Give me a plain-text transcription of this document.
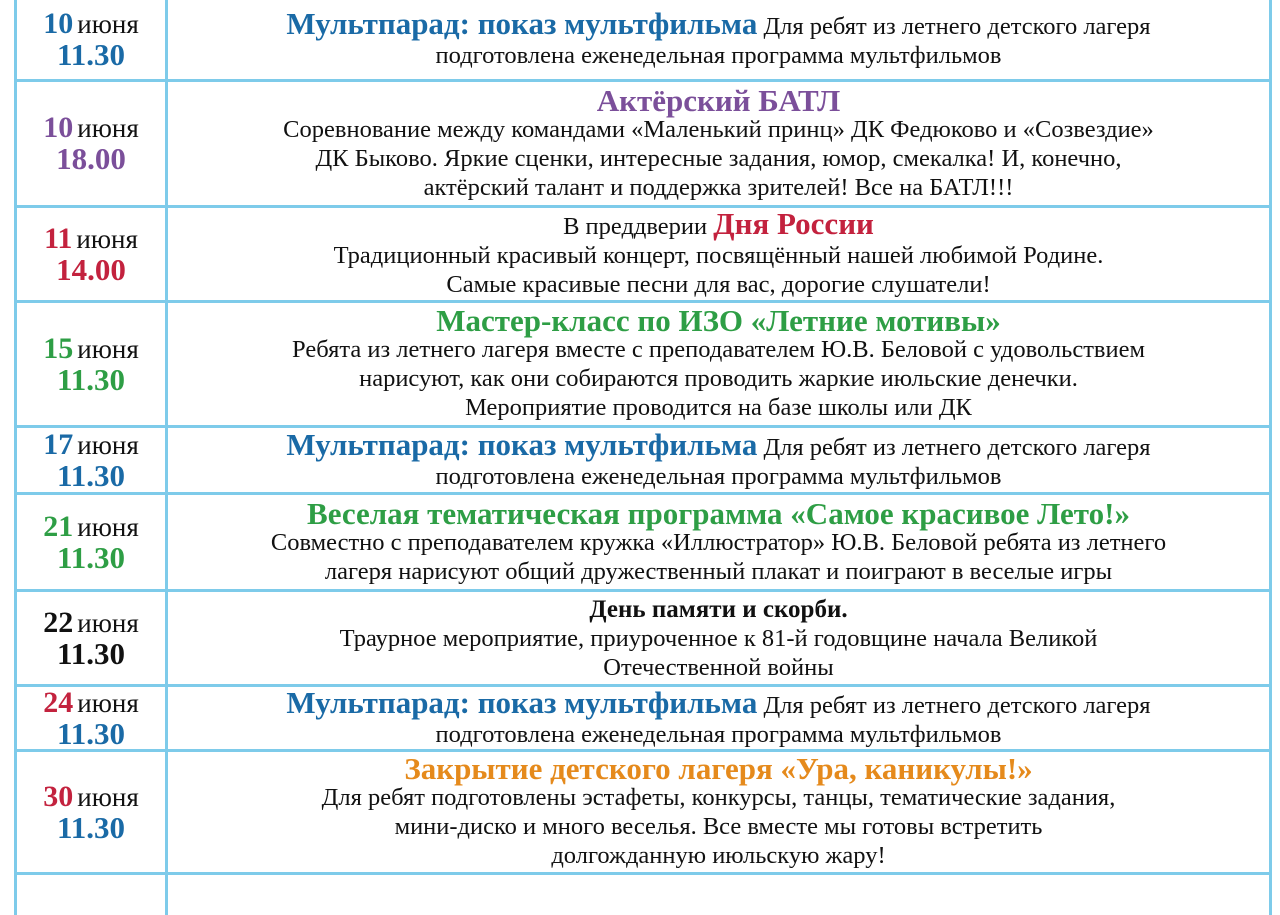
10 июня
11.30
Мультпарад: показ мультфильма Для ребят из летнего детского лагеря
подготовлена еженедельная программа мультфильмов
10 июня
18.00
Актёрский БАТЛ
Соревнование между командами «Маленький принц» ДК Федюково и «Созвездие»
ДК Быково. Яркие сценки, интересные задания, юмор, смекалка! И, конечно,
актёрский талант и поддержка зрителей! Все на БАТЛ!!!
11 июня
14.00
В преддверии Дня России
Традиционный красивый концерт, посвящённый нашей любимой Родине.
Самые красивые песни для вас, дорогие слушатели!
15 июня
11.30
Мастер-класс по ИЗО «Летние мотивы»
Ребята из летнего лагеря вместе с преподавателем Ю.В. Беловой с удовольствием
нарисуют, как они собираются проводить жаркие июльские денечки.
Мероприятие проводится на базе школы или ДК
17 июня
11.30
Мультпарад: показ мультфильма Для ребят из летнего детского лагеря
подготовлена еженедельная программа мультфильмов
21 июня
11.30
Веселая тематическая программа «Самое красивое Лето!»
Совместно с преподавателем кружка «Иллюстратор» Ю.В. Беловой ребята из летнего
лагеря нарисуют общий дружественный плакат и поиграют в веселые игры
22 июня
11.30
День памяти и скорби.
Траурное мероприятие, приуроченное к 81-й годовщине начала Великой
Отечественной войны
24 июня
11.30
Мультпарад: показ мультфильма Для ребят из летнего детского лагеря
подготовлена еженедельная программа мультфильмов
30 июня
11.30
Закрытие детского лагеря «Ура, каникулы!»
Для ребят подготовлены эстафеты, конкурсы, танцы, тематические задания,
мини-диско и много веселья. Все вместе мы готовы встретить
долгожданную июльскую жару!
